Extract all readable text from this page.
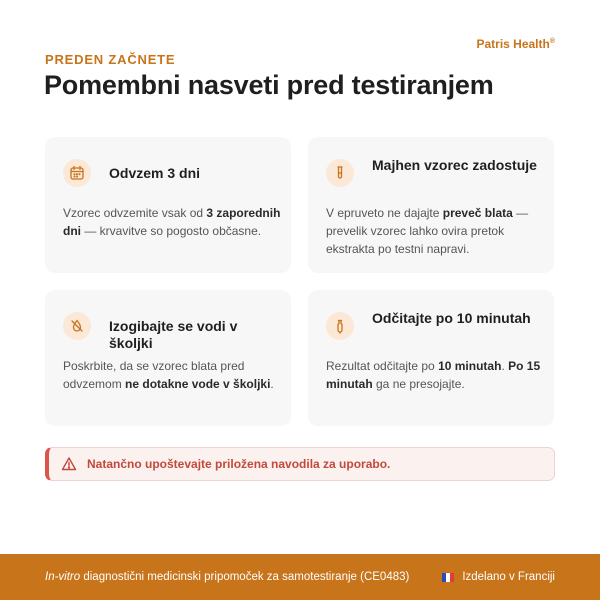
Patris Health®
PREDEN ZAČNETE
Pomembni nasveti pred testiranjem
Odvzem 3 dni
Vzorec odvzemite vsak od 3 zaporednih dni — krvavitve so pogosto občasne.
Majhen vzorec zadostuje
V epruveto ne dajajte preveč blata — prevelik vzorec lahko ovira pretok ekstrakta po testni napravi.
Izogibajte se vodi v školjki
Poskrbite, da se vzorec blata pred odvzemom ne dotakne vode v školjki.
Odčitajte po 10 minutah
Rezultat odčitajte po 10 minutah. Po 15 minutah ga ne presojajte.
Natančno upoštevajte priložena navodila za uporabo.
In-vitro diagnostični medicinski pripomoček za samotestiranje (CE0483)	Izdelano v Franciji
